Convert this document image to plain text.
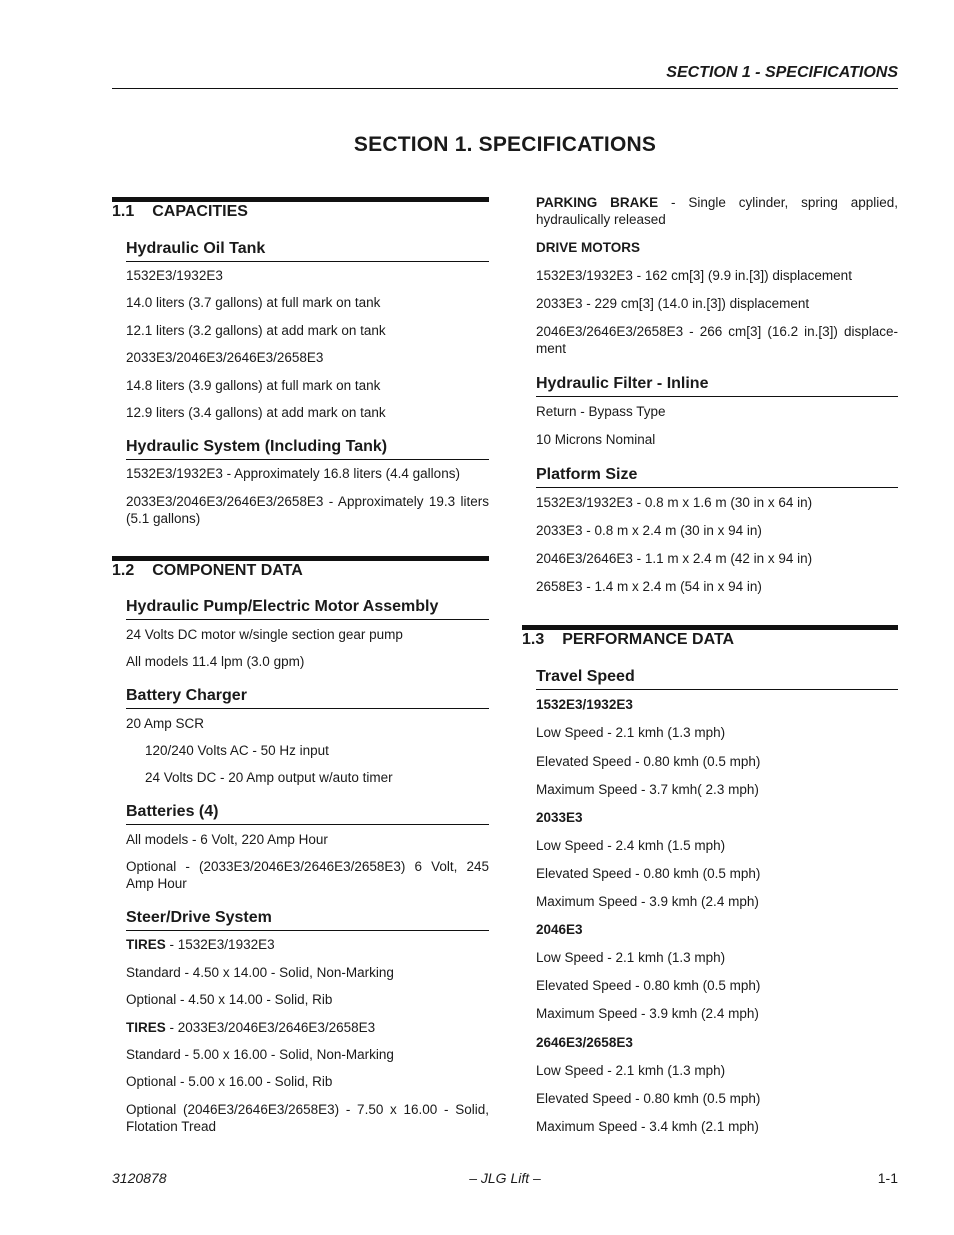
SECTION 1 - SPECIFICATIONS
SECTION 1. SPECIFICATIONS
1.1 CAPACITIES
Hydraulic Oil Tank
1532E3/1932E3
14.0 liters (3.7 gallons) at full mark on tank
12.1 liters (3.2 gallons) at add mark on tank
2033E3/2046E3/2646E3/2658E3
14.8 liters (3.9 gallons) at full mark on tank
12.9 liters (3.4 gallons) at add mark on tank
Hydraulic System (Including Tank)
1532E3/1932E3 - Approximately 16.8 liters (4.4 gallons)
2033E3/2046E3/2646E3/2658E3 - Approximately 19.3 liters (5.1 gallons)
1.2 COMPONENT DATA
Hydraulic Pump/Electric Motor Assembly
24 Volts DC motor w/single section gear pump
All models 11.4 lpm (3.0 gpm)
Battery Charger
20 Amp SCR
120/240 Volts AC - 50 Hz input
24 Volts DC - 20 Amp output w/auto timer
Batteries (4)
All models - 6 Volt, 220 Amp Hour
Optional - (2033E3/2046E3/2646E3/2658E3) 6 Volt, 245 Amp Hour
Steer/Drive System
TIRES - 1532E3/1932E3
Standard - 4.50 x 14.00 - Solid, Non-Marking
Optional - 4.50 x 14.00 - Solid, Rib
TIRES - 2033E3/2046E3/2646E3/2658E3
Standard - 5.00 x 16.00 - Solid, Non-Marking
Optional - 5.00 x 16.00 - Solid, Rib
Optional (2046E3/2646E3/2658E3) - 7.50 x 16.00 - Solid, Flotation Tread
PARKING BRAKE - Single cylinder, spring applied, hydraulically released
DRIVE MOTORS
1532E3/1932E3 - 162 cm[3] (9.9 in.[3]) displacement
2033E3 - 229 cm[3] (14.0 in.[3]) displacement
2046E3/2646E3/2658E3 - 266 cm[3] (16.2 in.[3]) displace-ment
Hydraulic Filter - Inline
Return - Bypass Type
10 Microns Nominal
Platform Size
1532E3/1932E3 - 0.8 m x 1.6 m (30 in x 64 in)
2033E3 - 0.8 m x 2.4 m (30 in x 94 in)
2046E3/2646E3 - 1.1 m x 2.4 m (42 in x 94 in)
2658E3 - 1.4 m x 2.4 m (54 in x 94 in)
1.3 PERFORMANCE DATA
Travel Speed
1532E3/1932E3
Low Speed - 2.1 kmh (1.3 mph)
Elevated Speed - 0.80 kmh (0.5 mph)
Maximum Speed - 3.7 kmh( 2.3 mph)
2033E3
Low Speed - 2.4 kmh (1.5 mph)
Elevated Speed - 0.80 kmh (0.5 mph)
Maximum Speed - 3.9 kmh (2.4 mph)
2046E3
Low Speed - 2.1 kmh (1.3 mph)
Elevated Speed - 0.80 kmh (0.5 mph)
Maximum Speed - 3.9 kmh (2.4 mph)
2646E3/2658E3
Low Speed - 2.1 kmh (1.3 mph)
Elevated Speed - 0.80 kmh (0.5 mph)
Maximum Speed - 3.4 kmh (2.1 mph)
3120878	– JLG Lift –	1-1
